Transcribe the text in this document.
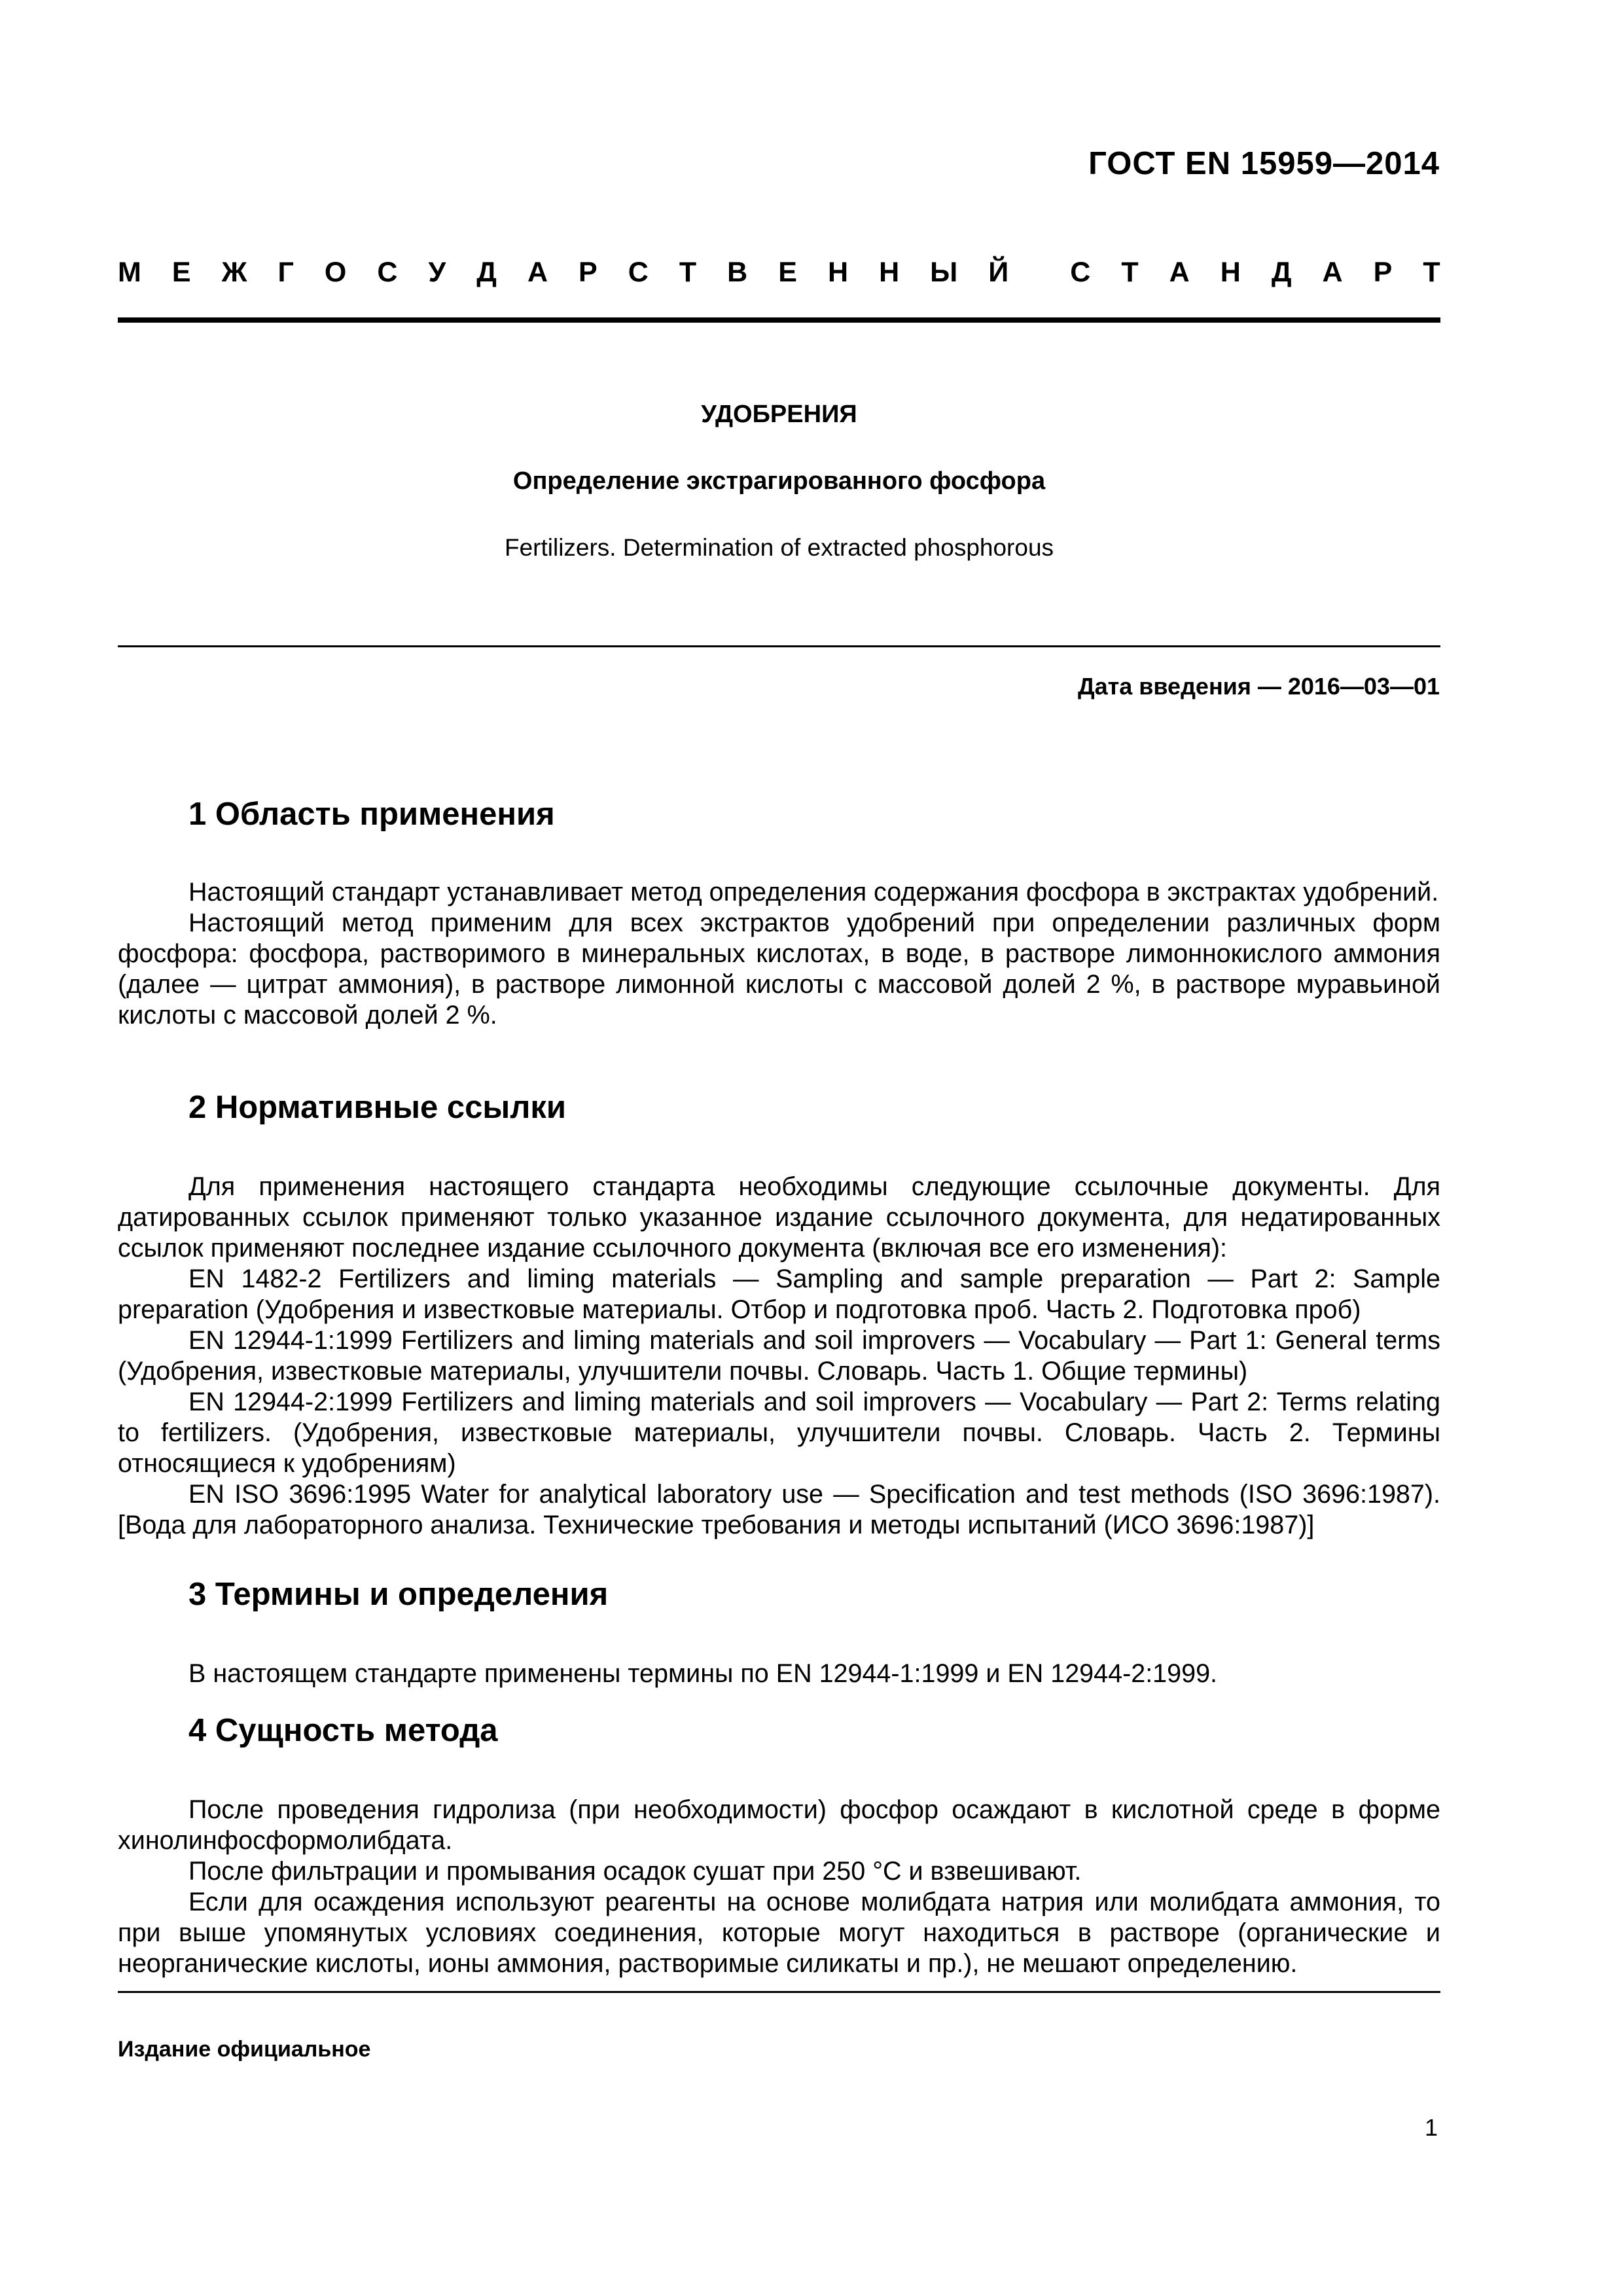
ГОСТ EN 15959—2014
М Е Ж Г О С У Д А Р С Т В Е Н Н Ы Й С Т А Н Д А Р Т
УДОБРЕНИЯ
Определение экстрагированного фосфора
Fertilizers. Determination of extracted phosphorous
Дата введения — 2016—03—01
1 Область применения

Настоящий стандарт устанавливает метод определения содержания фосфора в экстрактах удобрений.

Настоящий метод применим для всех экстрактов удобрений при определении различных форм фосфора: фосфора, растворимого в минеральных кислотах, в воде, в растворе лимоннокислого аммония (далее — цитрат аммония), в растворе лимонной кислоты с массовой долей 2 %, в растворе муравьиной кислоты с массовой долей 2 %.

2 Нормативные ссылки

Для применения настоящего стандарта необходимы следующие ссылочные документы. Для датированных ссылок применяют только указанное издание ссылочного документа, для недатированных ссылок применяют последнее издание ссылочного документа (включая все его изменения):

EN 1482-2 Fertilizers and liming materials — Sampling and sample preparation — Part 2: Sample preparation (Удобрения и известковые материалы. Отбор и подготовка проб. Часть 2. Подготовка проб)

EN 12944-1:1999 Fertilizers and liming materials and soil improvers — Vocabulary — Part 1: General terms (Удобрения, известковые материалы, улучшители почвы. Словарь. Часть 1. Общие термины)

EN 12944-2:1999 Fertilizers and liming materials and soil improvers — Vocabulary — Part 2: Terms relating to fertilizers. (Удобрения, известковые материалы, улучшители почвы. Словарь. Часть 2. Термины относящиеся к удобрениям)

EN ISO 3696:1995 Water for analytical laboratory use — Specification and test methods (ISO 3696:1987). [Вода для лабораторного анализа. Технические требования и методы испытаний (ИСО 3696:1987)]

3 Термины и определения

В настоящем стандарте применены термины по EN 12944-1:1999 и EN 12944-2:1999.

4 Сущность метода

После проведения гидролиза (при необходимости) фосфор осаждают в кислотной среде в форме хинолинфосформолибдата.

После фильтрации и промывания осадок сушат при 250 °С и взвешивают.

Если для осаждения используют реагенты на основе молибдата натрия или молибдата аммония, то при выше упомянутых условиях соединения, которые могут находиться в растворе (органические и неорганические кислоты, ионы аммония, растворимые силикаты и пр.), не мешают определению.

Издание официальное
1
